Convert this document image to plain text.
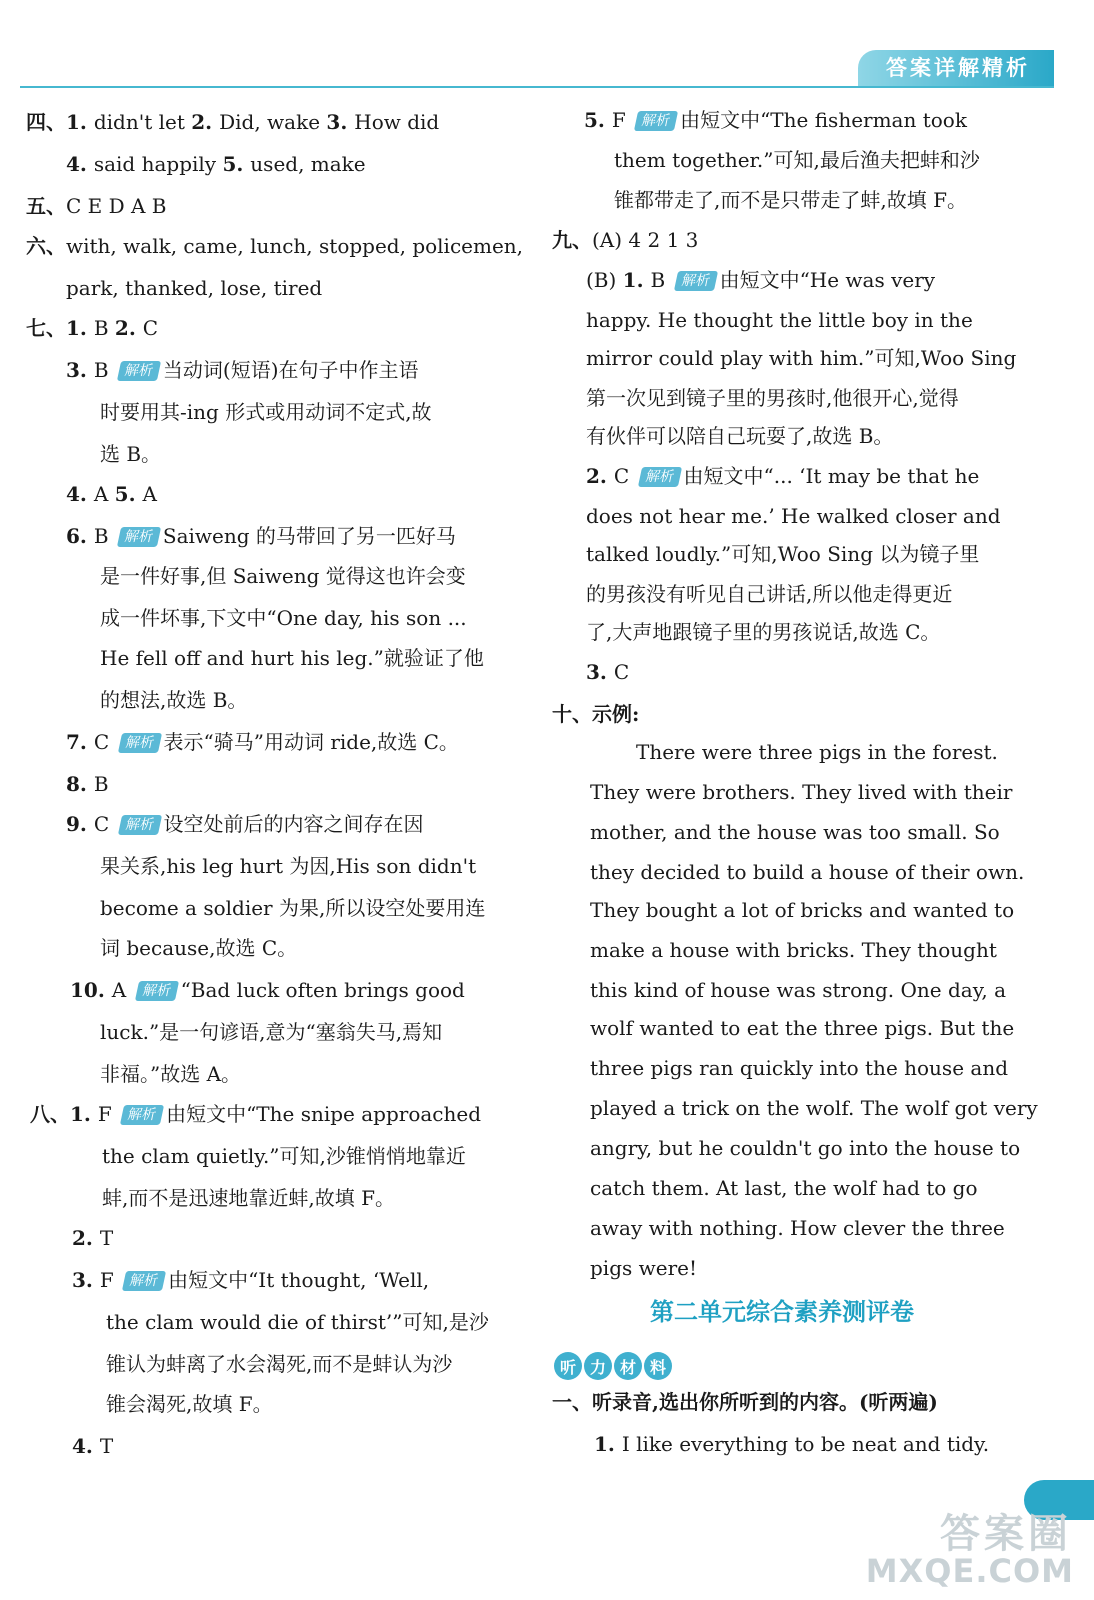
答案详解精析
四、1. didn't let 2. Did, wake 3. How did
4. said happily 5. used, make
五、C E D A B
六、with, walk, came, lunch, stopped, policemen,
park, thanked, lose, tired
七、1. B 2. C
3. B 解析 当动词(短语)在句子中作主语
时要用其-ing 形式或用动词不定式,故
选 B。
4. A 5. A
6. B 解析 Saiweng 的马带回了另一匹好马
是一件好事,但 Saiweng 觉得这也许会变
成一件坏事,下文中“One day, his son ...
He fell off and hurt his leg.”就验证了他
的想法,故选 B。
7. C 解析 表示“骑马”用动词 ride,故选 C。
8. B
9. C 解析 设空处前后的内容之间存在因
果关系,his leg hurt 为因,His son didn't
become a soldier 为果,所以设空处要用连
词 because,故选 C。
10. A 解析 “Bad luck often brings good
luck.”是一句谚语,意为“塞翁失马,焉知
非福。”故选 A。
八、1. F 解析 由短文中“The snipe approached
the clam quietly.”可知,沙锥悄悄地靠近
蚌,而不是迅速地靠近蚌,故填 F。
2. T
3. F 解析 由短文中“It thought, ‘Well,
the clam would die of thirst’”可知,是沙
锥认为蚌离了水会渴死,而不是蚌认为沙
锥会渴死,故填 F。
4. T
第二单元综合素养测评卷
听 力 材 料
5. F 解析 由短文中“The fisherman took
them together.”可知,最后渔夫把蚌和沙
锥都带走了,而不是只带走了蚌,故填 F。
九、(A) 4 2 1 3
(B) 1. B 解析 由短文中“He was very
happy. He thought the little boy in the
mirror could play with him.”可知,Woo Sing
第一次见到镜子里的男孩时,他很开心,觉得
有伙伴可以陪自己玩耍了,故选 B。
2. C 解析 由短文中“... ‘It may be that he
does not hear me.’ He walked closer and
talked loudly.”可知,Woo Sing 以为镜子里
的男孩没有听见自己讲话,所以他走得更近
了,大声地跟镜子里的男孩说话,故选 C。
3. C
十、示例:
There were three pigs in the forest.
They were brothers. They lived with their
mother, and the house was too small. So
they decided to build a house of their own.
They bought a lot of bricks and wanted to
make a house with bricks. They thought
this kind of house was strong. One day, a
wolf wanted to eat the three pigs. But the
three pigs ran quickly into the house and
played a trick on the wolf. The wolf got very
angry, but he couldn't go into the house to
catch them. At last, the wolf had to go
away with nothing. How clever the three
pigs were!
一、听录音,选出你所听到的内容。(听两遍)
1. I like everything to be neat and tidy.
答案圈
MXQE.COM
